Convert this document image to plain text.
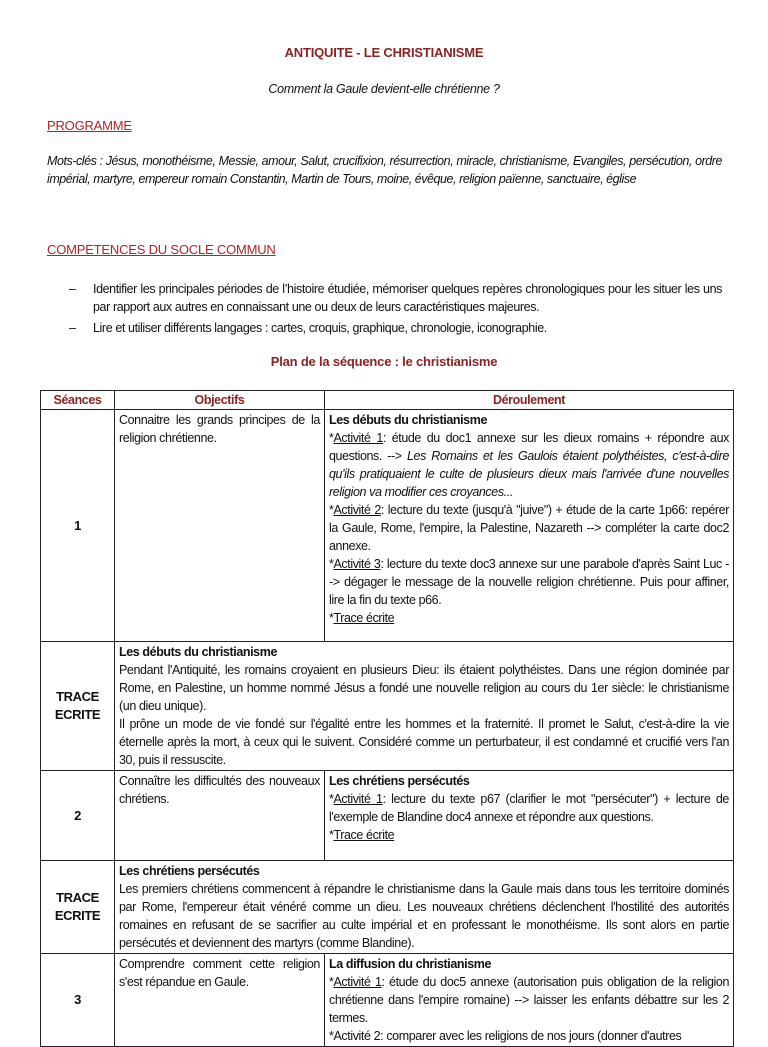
ANTIQUITE - LE CHRISTIANISME
Comment la Gaule devient-elle chrétienne ?
PROGRAMME
Mots-clés : Jésus, monothéisme, Messie, amour, Salut, crucifixion, résurrection, miracle, christianisme, Evangiles, persécution, ordre impérial, martyre, empereur romain Constantin, Martin de Tours, moine, évêque, religion païenne, sanctuaire, église
COMPETENCES DU SOCLE COMMUN
– Identifier les principales périodes de l’histoire étudiée, mémoriser quelques repères chronologiques pour les situer les uns par rapport aux autres en connaissant une ou deux de leurs caractéristiques majeures.
– Lire et utiliser différents langages : cartes, croquis, graphique, chronologie, iconographie.
Plan de la séquence : le christianisme
Séances	Objectifs	Déroulement
1	Connaitre les grands principes de la religion chrétienne.	Les débuts du christianisme
*Activité 1: étude du doc1 annexe sur les dieux romains + répondre aux questions. --> Les Romains et les Gaulois étaient polythéistes, c'est-à-dire qu'ils pratiquaient le culte de plusieurs dieux mais l'arrivée d'une nouvelles religion va modifier ces croyances...
*Activité 2: lecture du texte (jusqu'à "juive") + étude de la carte 1p66: repérer la Gaule, Rome, l'empire, la Palestine, Nazareth --> compléter la carte doc2 annexe.
*Activité 3: lecture du texte doc3 annexe sur une parabole d'après Saint Luc --> dégager le message de la nouvelle religion chrétienne. Puis pour affiner, lire la fin du texte p66.
*Trace écrite

TRACE ECRITE	Les débuts du christianisme
Pendant l'Antiquité, les romains croyaient en plusieurs Dieu: ils étaient polythéistes. Dans une région dominée par Rome, en Palestine, un homme nommé Jésus a fondé une nouvelle religion au cours du 1er siècle: le christianisme (un dieu unique).
Il prône un mode de vie fondé sur l'égalité entre les hommes et la fraternité. Il promet le Salut, c'est-à-dire la vie éternelle après la mort, à ceux qui le suivent. Considéré comme un perturbateur, il est condamné et crucifié vers l'an 30, puis il ressuscite.	

2	Connaître les difficultés des nouveaux chrétiens.	Les chrétiens persécutés
*Activité 1: lecture du texte p67 (clarifier le mot "persécuter") + lecture de l'exemple de Blandine doc4 annexe et répondre aux questions.
*Trace écrite

TRACE ECRITE	Les chrétiens persécutés
Les premiers chrétiens commencent à répandre le christianisme dans la Gaule mais dans tous les territoire dominés par Rome, l'empereur était vénéré comme un dieu. Les nouveaux chrétiens déclenchent l'hostilité des autorités romaines en refusant de se sacrifier au culte impérial et en professant le monothéisme. Ils sont alors en partie persécutés et deviennent des martyrs (comme Blandine).	

3	Comprendre comment cette religion s'est répandue en Gaule.	La diffusion du christianisme
*Activité 1: étude du doc5 annexe (autorisation puis obligation de la religion chrétienne dans l'empire romaine) --> laisser les enfants débattre sur les 2 termes.
*Activité 2: comparer avec les religions de nos jours (donner d'autres
